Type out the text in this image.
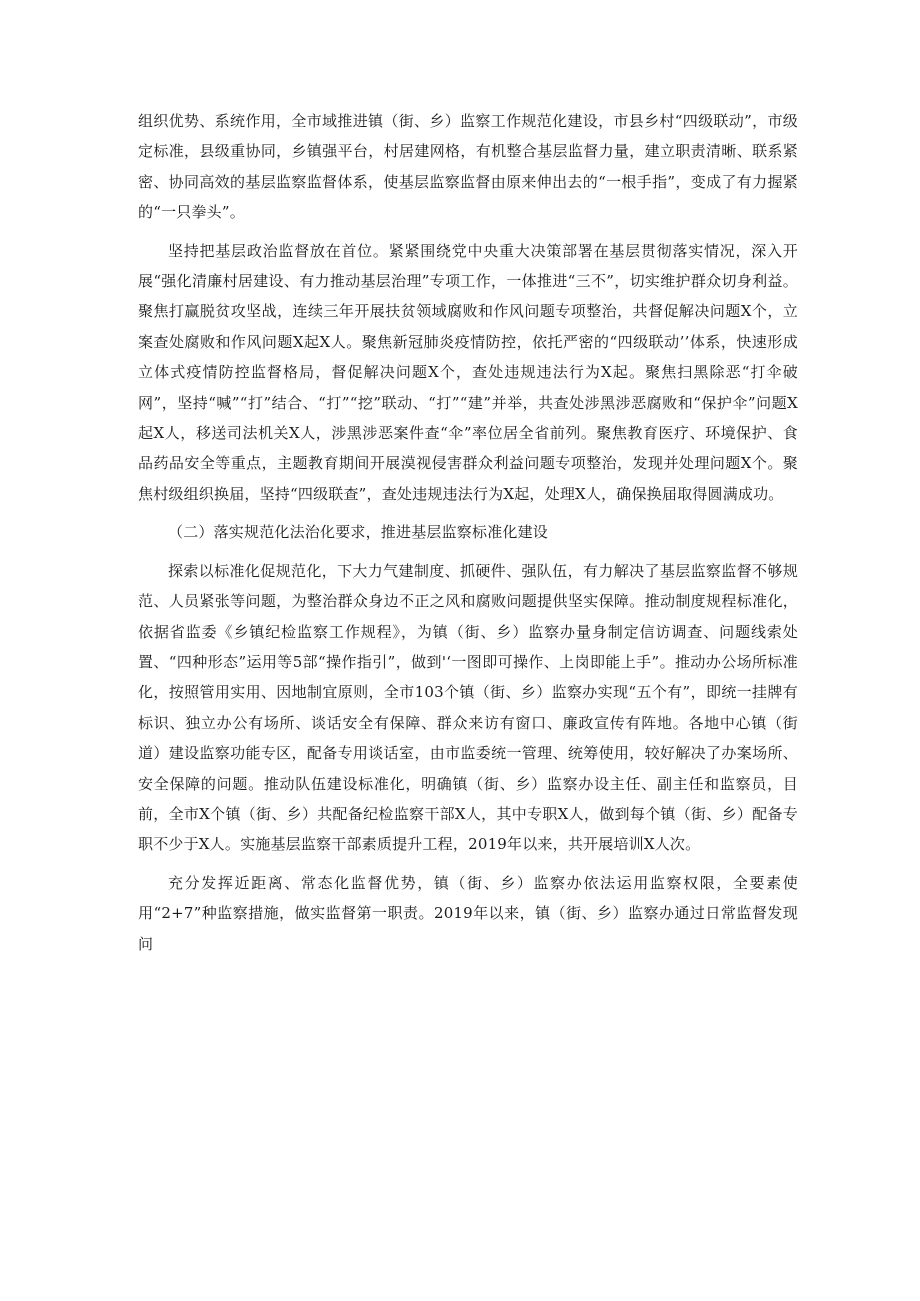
组织优势、系统作用，全市域推进镇（街、乡）监察工作规范化建设，市县乡村“四级联动”，市级定标准，县级重协同，乡镇强平台，村居建网格，有机整合基层监督力量，建立职责清晰、联系紧密、协同高效的基层监察监督体系，使基层监察监督由原来伸出去的“一根手指”，变成了有力握紧的“一只拳头”。

坚持把基层政治监督放在首位。紧紧围绕党中央重大决策部署在基层贯彻落实情况，深入开展“强化清廉村居建设、有力推动基层治理”专项工作，一体推进“三不”，切实维护群众切身利益。聚焦打赢脱贫攻坚战，连续三年开展扶贫领域腐败和作风问题专项整治，共督促解决问题X个，立案查处腐败和作风问题X起X人。聚焦新冠肺炎疫情防控，依托严密的“四级联动’’体系，快速形成立体式疫情防控监督格局，督促解决问题X个，查处违规违法行为X起。聚焦扫黑除恶“打伞破网”，坚持“喊”“打”结合、“打”“挖”联动、“打”“建”并举，共查处涉黑涉恶腐败和“保护伞”问题X起X人，移送司法机关X人，涉黑涉恶案件查“伞”率位居全省前列。聚焦教育医疗、环境保护、食品药品安全等重点，主题教育期间开展漠视侵害群众利益问题专项整治，发现并处理问题X个。聚焦村级组织换届，坚持“四级联查”，查处违规违法行为X起，处理X人，确保换届取得圆满成功。

（二）落实规范化法治化要求，推进基层监察标准化建设

探索以标准化促规范化，下大力气建制度、抓硬件、强队伍，有力解决了基层监察监督不够规范、人员紧张等问题，为整治群众身边不正之风和腐败问题提供坚实保障。推动制度规程标准化，依据省监委《乡镇纪检监察工作规程》，为镇（街、乡）监察办量身制定信访调查、问题线索处置、“四种形态”运用等5部“操作指引”，做到'‘一图即可操作、上岗即能上手”。推动办公场所标准化，按照管用实用、因地制宜原则，全市103个镇（街、乡）监察办实现“五个有”，即统一挂牌有标识、独立办公有场所、谈话安全有保障、群众来访有窗口、廉政宣传有阵地。各地中心镇（街道）建设监察功能专区，配备专用谈话室，由市监委统一管理、统筹使用，较好解决了办案场所、安全保障的问题。推动队伍建设标准化，明确镇（街、乡）监察办设主任、副主任和监察员，目前，全市X个镇（街、乡）共配备纪检监察干部X人，其中专职X人，做到每个镇（街、乡）配备专职不少于X人。实施基层监察干部素质提升工程，2019年以来，共开展培训X人次。

充分发挥近距离、常态化监督优势，镇（街、乡）监察办依法运用监察权限，全要素使用“2+7”种监察措施，做实监督第一职责。2019年以来，镇（街、乡）监察办通过日常监督发现问
